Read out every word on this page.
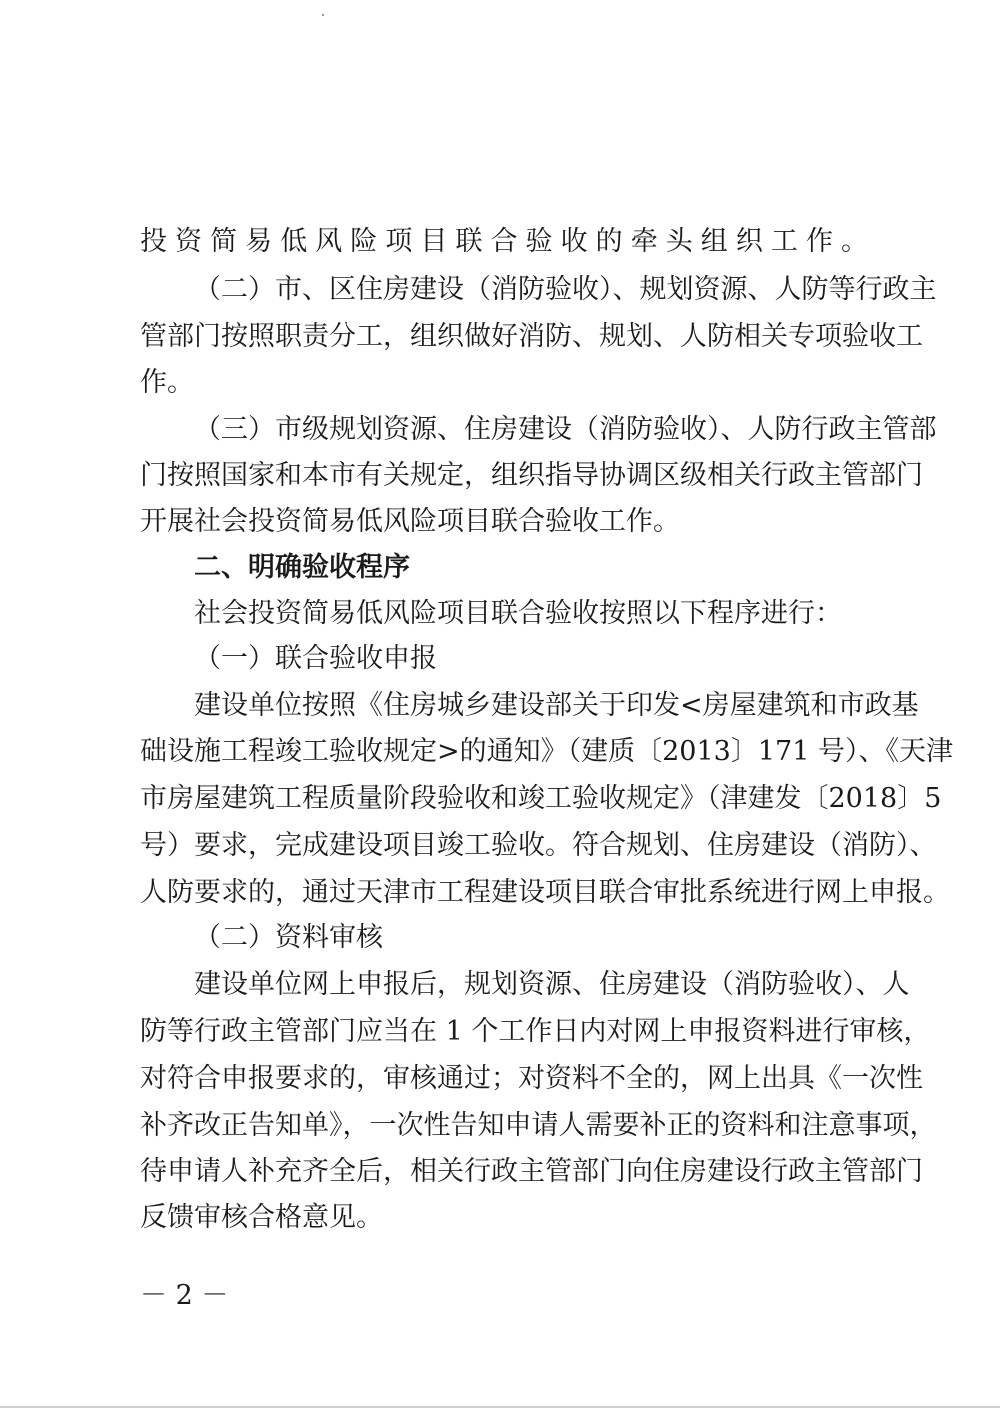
投资简易低风险项目联合验收的牵头组织工作。
（二）市、区住房建设（消防验收）、规划资源、人防等行政主
管部门按照职责分工，组织做好消防、规划、人防相关专项验收工
作。
（三）市级规划资源、住房建设（消防验收）、人防行政主管部
门按照国家和本市有关规定，组织指导协调区级相关行政主管部门
开展社会投资简易低风险项目联合验收工作。
二、明确验收程序
社会投资简易低风险项目联合验收按照以下程序进行：
（一）联合验收申报
建设单位按照《住房城乡建设部关于印发<房屋建筑和市政基
础设施工程竣工验收规定>的通知》（建质〔2013〕171 号）、《天津
市房屋建筑工程质量阶段验收和竣工验收规定》（津建发〔2018〕5
号）要求，完成建设项目竣工验收。符合规划、住房建设（消防）、
人防要求的，通过天津市工程建设项目联合审批系统进行网上申报。
（二）资料审核
建设单位网上申报后，规划资源、住房建设（消防验收）、人
防等行政主管部门应当在 1 个工作日内对网上申报资料进行审核，
对符合申报要求的，审核通过；对资料不全的，网上出具《一次性
补齐改正告知单》，一次性告知申请人需要补正的资料和注意事项，
待申请人补充齐全后，相关行政主管部门向住房建设行政主管部门
反馈审核合格意见。
－ 2 －
